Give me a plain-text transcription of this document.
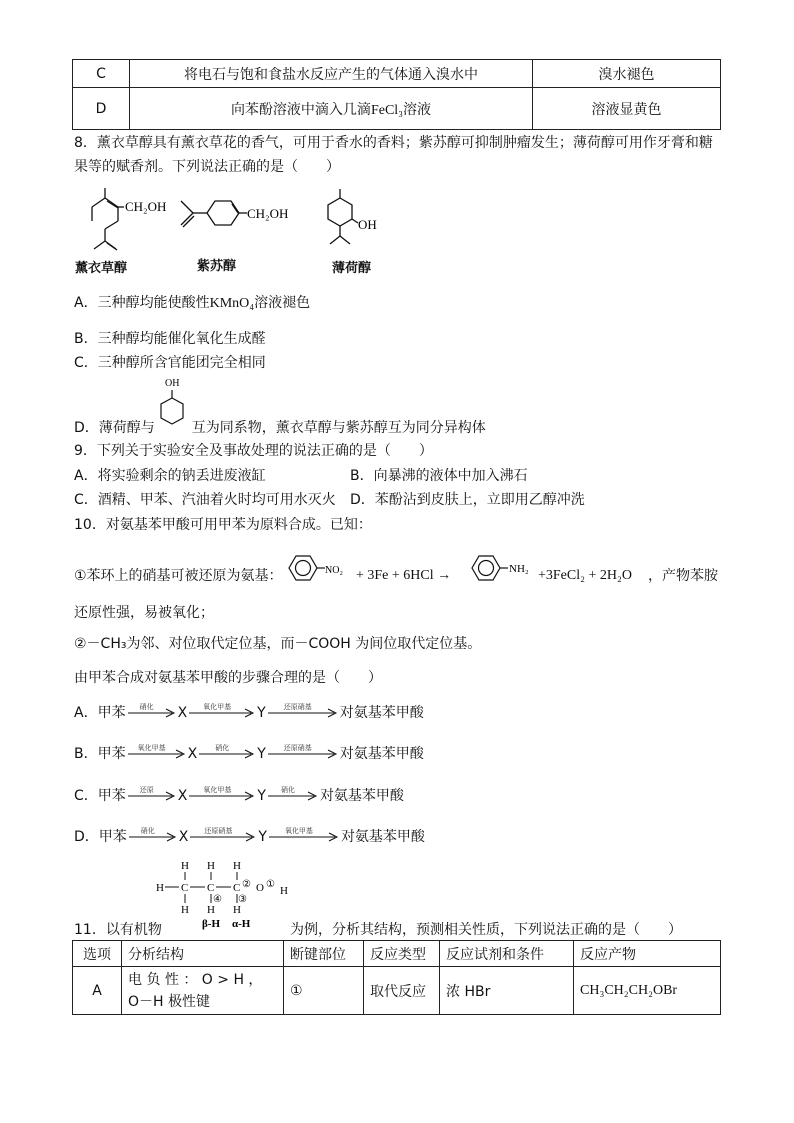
C	将电石与饱和食盐水反应产生的气体通入溴水中	溴水褪色
D	向苯酚溶液中滴入几滴FeCl₃溶液	溶液显黄色
8．薰衣草醇具有薰衣草花的香气，可用于香水的香料；紫苏醇可抑制肿瘤发生；薄荷醇可用作牙膏和糖
果等的赋香剂。下列说法正确的是（　　）
CH₂OH
薰衣草醇
CH₂OH
紫苏醇
OH
薄荷醇
A．三种醇均能使酸性KMnO₄溶液褪色
B．三种醇均能催化氧化生成醛
C．三种醇所含官能团完全相同
OH
D．薄荷醇与	互为同系物，薰衣草醇与紫苏醇互为同分异构体
9．下列关于实验安全及事故处理的说法正确的是（　　）
A．将实验剩余的钠丢进废液缸	B．向暴沸的液体中加入沸石
C．酒精、甲苯、汽油着火时均可用水灭火 D．苯酚沾到皮肤上，立即用乙醇冲洗
10．对氨基苯甲酸可用甲苯为原料合成。已知：
①苯环上的硝基可被还原为氨基：	NO₂ + 3Fe + 6HCl →	NH₂ +3FeCl₂ + 2H₂O ，产物苯胺
还原性强，易被氧化；
②－CH₃为邻、对位取代定位基，而－COOH 为间位取代定位基。
由甲苯合成对氨基苯甲酸的步骤合理的是（　　）
A．甲苯	硝化	X	氧化甲基	Y	还原硝基	对氨基苯甲酸
B．甲苯	氧化甲基	X	硝化	Y	还原硝基	对氨基苯甲酸
C．甲苯	还原	X	氧化甲基	Y	硝化	对氨基苯甲酸
D．甲苯	硝化	X	还原硝基	Y	氧化甲基	对氨基苯甲酸
H H H
H C C C O H
H H H
② ①
③
④
β-H α-H
11．以有机物	为例，分析其结构，预测相关性质，下列说法正确的是（　　）
选项	分析结构	断键部位	反应类型	反应试剂和条件	反应产物
A	电 负 性 ： O > H ，
O－H 极性键	①	取代反应	浓 HBr	CH₃CH₂CH₂OBr
